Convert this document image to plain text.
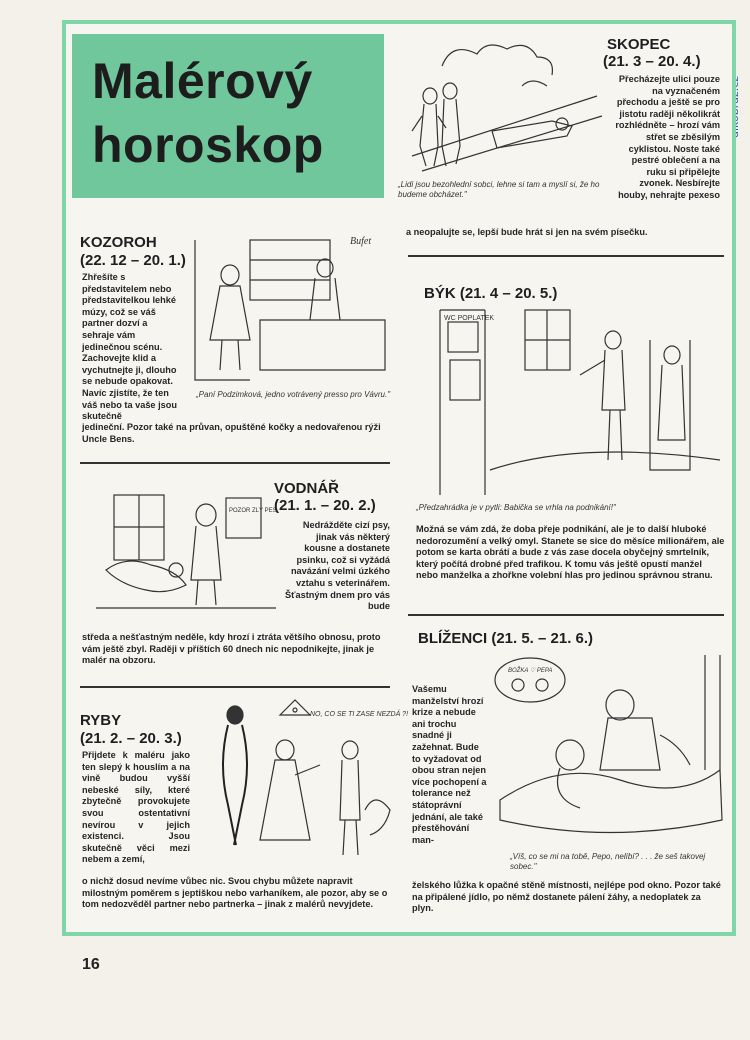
Malérový
horoskop
„Lidi jsou bezohlední sobci, lehne si tam a myslí si, že ho budeme obcházet."
SKOPEC
(21. 3 – 20. 4.)
Přecházejte ulici pouze na vyznačeném přechodu a ještě se pro jistotu raději několikrát rozhlédněte – hrozí vám střet se zběsilým cyklistou. Noste také pestré oblečení a na ruku si připělejte zvonek. Nesbírejte houby, nehrajte pexeso
a neopalujte se, lepší bude hrát si jen na svém písečku.
KOZOROH
(22. 12 – 20. 1.)
Zhřešíte s představitelem nebo představitelkou lehké múzy, což se váš partner dozví a sehraje vám jedinečnou scénu. Zachovejte klid a vychutnejte ji, dlouho se nebude opakovat. Navíc zjistíte, že ten váš nebo ta vaše jsou skutečně
jedineční. Pozor také na průvan, opuštěné kočky a nedovařenou rýži Uncle Bens.
Bufet
„Paní Podzimková, jedno votrávený presso pro Vávru."
BÝK (21. 4 – 20. 5.)
WC POPLATEK
„Předzahrádka je v pytli: Babička se vrhla na podnikání!"
Možná se vám zdá, že doba přeje podnikání, ale je to další hluboké nedorozumění a velký omyl. Stanete se sice do měsíce milionářem, ale potom se karta obrátí a bude z vás zase docela obyčejný smrtelník, který počítá drobné před trafikou. K tomu vás ještě opustí manžel nebo manželka a zhořkne volební hlas pro jedinou správnou stranu.
POZOR ZLÝ PES
VODNÁŘ
(21. 1. – 20. 2.)
Nedrážděte cizí psy, jinak vás některý kousne a dostanete psinku, což si vyžádá navázání velmi úzkého vztahu s veterinářem. Šťastným dnem pro vás bude
středa a nešťastným neděle, kdy hrozí i ztráta většího obnosu, proto vám ještě zbyl. Raději v příštích 60 dnech nic nepodnikejte, jinak je malér na obzoru.
RYBY
(21. 2. – 20. 3.)
Přijdete k maléru jako ten slepý k houslím a na vině budou vyšší nebeské síly, které zbytečně provokujete svou ostentativní nevírou v jejich existenci. Jsou skutečně věci mezi nebem a zemí,
o nichž dosud nevíme vůbec nic. Svou chybu můžete napravit milostným poměrem s jeptiškou nebo varhaníkem, ale pozor, aby se o tom nedozvěděl partner nebo partnerka – jinak z malérů nevyjdete.
NO, CO SE TI ZASE NEZDÁ ?!
BLÍŽENCI (21. 5. – 21. 6.)
Vašemu manželství hrozí krize a nebude ani trochu snadné ji zažehnat. Bude to vyžadovat od obou stran nejen více pochopení a tolerance než státoprávní jednání, ale také přestěhování man-
želského lůžka k opačné stěně místnosti, nejlépe pod okno. Pozor také na připálené jídlo, po němž dostanete pálení žáhy, a nedoplatek za plyn.
BOŽKA ♡ PEPA
„Víš, co se mi na tobě, Pepo, nelíbí? . . . že seš takovej sobec."
16
